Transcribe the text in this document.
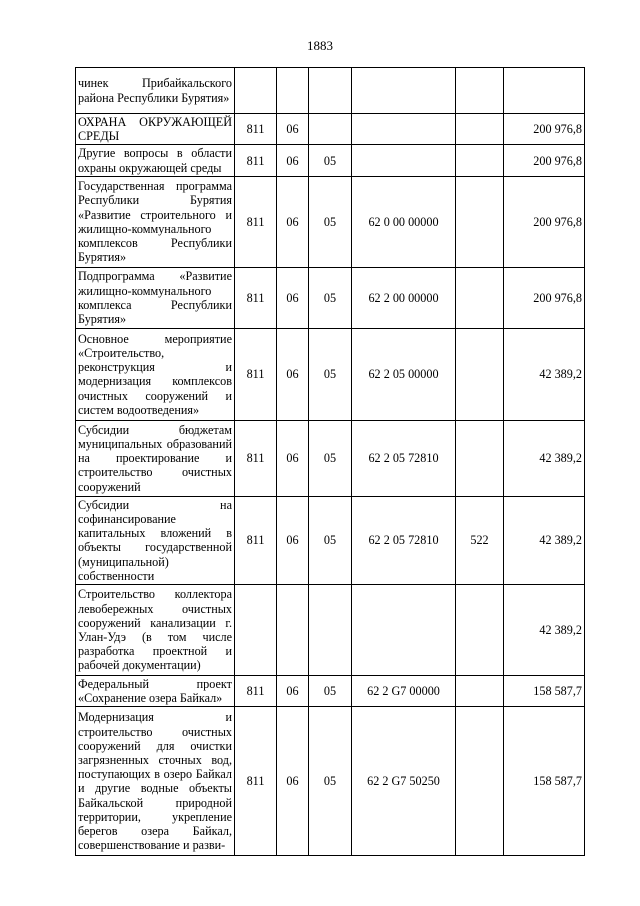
1883
чинек Прибайкальского района Республики Бурятия»						
ОХРАНА ОКРУЖАЮЩЕЙ СРЕДЫ	811	06				200 976,8
Другие вопросы в области охраны окружающей среды	811	06	05			200 976,8
Государственная программа Республики Бурятия «Развитие строительного и жилищно-коммунального комплексов Республики Бурятия»	811	06	05	62 0 00 00000		200 976,8
Подпрограмма «Развитие жилищно-коммунального комплекса Республики Бурятия»	811	06	05	62 2 00 00000		200 976,8
Основное мероприятие «Строительство, реконструкция и модернизация комплексов очистных сооружений и систем водоотведения»	811	06	05	62 2 05 00000		42 389,2
Субсидии бюджетам муниципальных образований на проектирование и строительство очистных сооружений	811	06	05	62 2 05 72810		42 389,2
Субсидии на софинансирование капитальных вложений в объекты государственной (муниципальной) собственности	811	06	05	62 2 05 72810	522	42 389,2
Строительство коллектора левобережных очистных сооружений канализации г. Улан-Удэ (в том числе разработка проектной и рабочей документации)						42 389,2
Федеральный проект «Сохранение озера Байкал»	811	06	05	62 2 G7 00000		158 587,7
Модернизация и строительство очистных сооружений для очистки загрязненных сточных вод, поступающих в озеро Байкал и другие водные объекты Байкальской природной территории, укрепление берегов озера Байкал, совершенствование и разви-	811	06	05	62 2 G7 50250		158 587,7
